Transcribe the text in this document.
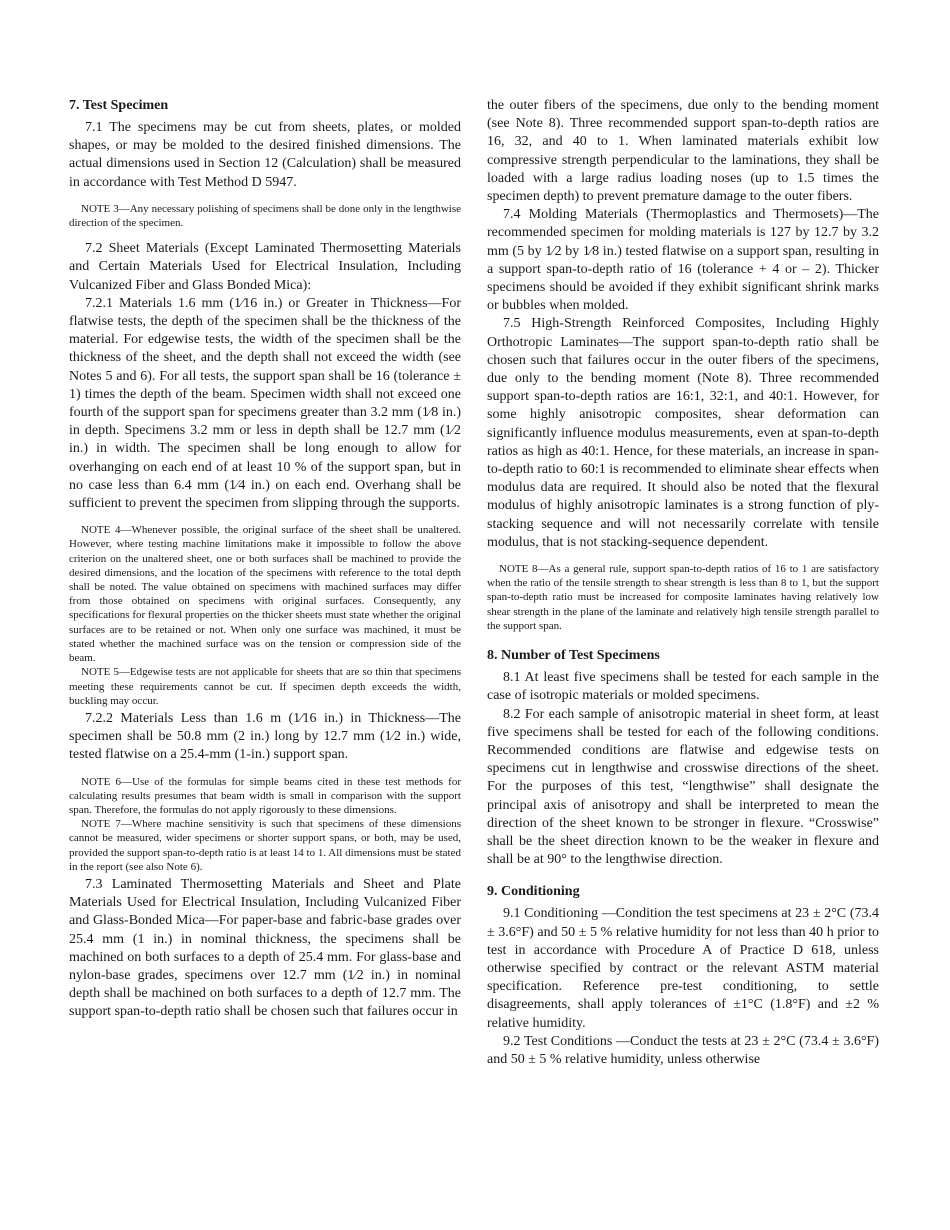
7. Test Specimen

7.1 The specimens may be cut from sheets, plates, or molded shapes, or may be molded to the desired finished dimensions. The actual dimensions used in Section 12 (Calculation) shall be measured in accordance with Test Method D 5947.

NOTE 3—Any necessary polishing of specimens shall be done only in the lengthwise direction of the specimen.

7.2 Sheet Materials (Except Laminated Thermosetting Materials and Certain Materials Used for Electrical Insulation, Including Vulcanized Fiber and Glass Bonded Mica):

7.2.1 Materials 1.6 mm (1⁄16 in.) or Greater in Thickness—For flatwise tests, the depth of the specimen shall be the thickness of the material. For edgewise tests, the width of the specimen shall be the thickness of the sheet, and the depth shall not exceed the width (see Notes 5 and 6). For all tests, the support span shall be 16 (tolerance ± 1) times the depth of the beam. Specimen width shall not exceed one fourth of the support span for specimens greater than 3.2 mm (1⁄8 in.) in depth. Specimens 3.2 mm or less in depth shall be 12.7 mm (1⁄2 in.) in width. The specimen shall be long enough to allow for overhanging on each end of at least 10 % of the support span, but in no case less than 6.4 mm (1⁄4 in.) on each end. Overhang shall be sufficient to prevent the specimen from slipping through the supports.

NOTE 4—Whenever possible, the original surface of the sheet shall be unaltered. However, where testing machine limitations make it impossible to follow the above criterion on the unaltered sheet, one or both surfaces shall be machined to provide the desired dimensions, and the location of the specimens with reference to the total depth shall be noted. The value obtained on specimens with machined surfaces may differ from those obtained on specimens with original surfaces. Consequently, any specifications for flexural properties on the thicker sheets must state whether the original surfaces are to be retained or not. When only one surface was machined, it must be stated whether the machined surface was on the tension or compression side of the beam.

NOTE 5—Edgewise tests are not applicable for sheets that are so thin that specimens meeting these requirements cannot be cut. If specimen depth exceeds the width, buckling may occur.

7.2.2 Materials Less than 1.6 m (1⁄16 in.) in Thickness—The specimen shall be 50.8 mm (2 in.) long by 12.7 mm (1⁄2 in.) wide, tested flatwise on a 25.4-mm (1-in.) support span.

NOTE 6—Use of the formulas for simple beams cited in these test methods for calculating results presumes that beam width is small in comparison with the support span. Therefore, the formulas do not apply rigorously to these dimensions.

NOTE 7—Where machine sensitivity is such that specimens of these dimensions cannot be measured, wider specimens or shorter support spans, or both, may be used, provided the support span-to-depth ratio is at least 14 to 1. All dimensions must be stated in the report (see also Note 6).

7.3 Laminated Thermosetting Materials and Sheet and Plate Materials Used for Electrical Insulation, Including Vulcanized Fiber and Glass-Bonded Mica—For paper-base and fabric-base grades over 25.4 mm (1 in.) in nominal thickness, the specimens shall be machined on both surfaces to a depth of 25.4 mm. For glass-base and nylon-base grades, specimens over 12.7 mm (1⁄2 in.) in nominal depth shall be machined on both surfaces to a depth of 12.7 mm. The support span-to-depth ratio shall be chosen such that failures occur in

the outer fibers of the specimens, due only to the bending moment (see Note 8). Three recommended support span-to-depth ratios are 16, 32, and 40 to 1. When laminated materials exhibit low compressive strength perpendicular to the laminations, they shall be loaded with a large radius loading noses (up to 1.5 times the specimen depth) to prevent premature damage to the outer fibers.

7.4 Molding Materials (Thermoplastics and Thermosets)—The recommended specimen for molding materials is 127 by 12.7 by 3.2 mm (5 by 1⁄2 by 1⁄8 in.) tested flatwise on a support span, resulting in a support span-to-depth ratio of 16 (tolerance + 4 or – 2). Thicker specimens should be avoided if they exhibit significant shrink marks or bubbles when molded.

7.5 High-Strength Reinforced Composites, Including Highly Orthotropic Laminates—The support span-to-depth ratio shall be chosen such that failures occur in the outer fibers of the specimens, due only to the bending moment (Note 8). Three recommended support span-to-depth ratios are 16:1, 32:1, and 40:1. However, for some highly anisotropic composites, shear deformation can significantly influence modulus measurements, even at span-to-depth ratios as high as 40:1. Hence, for these materials, an increase in span-to-depth ratio to 60:1 is recommended to eliminate shear effects when modulus data are required. It should also be noted that the flexural modulus of highly anisotropic laminates is a strong function of ply-stacking sequence and will not necessarily correlate with tensile modulus, that is not stacking-sequence dependent.

NOTE 8—As a general rule, support span-to-depth ratios of 16 to 1 are satisfactory when the ratio of the tensile strength to shear strength is less than 8 to 1, but the support span-to-depth ratio must be increased for composite laminates having relatively low shear strength in the plane of the laminate and relatively high tensile strength parallel to the support span.

8. Number of Test Specimens

8.1 At least five specimens shall be tested for each sample in the case of isotropic materials or molded specimens.

8.2 For each sample of anisotropic material in sheet form, at least five specimens shall be tested for each of the following conditions. Recommended conditions are flatwise and edgewise tests on specimens cut in lengthwise and crosswise directions of the sheet. For the purposes of this test, “lengthwise” shall designate the principal axis of anisotropy and shall be interpreted to mean the direction of the sheet known to be stronger in flexure. “Crosswise” shall be the sheet direction known to be the weaker in flexure and shall be at 90° to the lengthwise direction.

9. Conditioning

9.1 Conditioning —Condition the test specimens at 23 ± 2°C (73.4 ± 3.6°F) and 50 ± 5 % relative humidity for not less than 40 h prior to test in accordance with Procedure A of Practice D 618, unless otherwise specified by contract or the relevant ASTM material specification. Reference pre-test conditioning, to settle disagreements, shall apply tolerances of ±1°C (1.8°F) and ±2 % relative humidity.

9.2 Test Conditions —Conduct the tests at 23 ± 2°C (73.4 ± 3.6°F) and 50 ± 5 % relative humidity, unless otherwise
